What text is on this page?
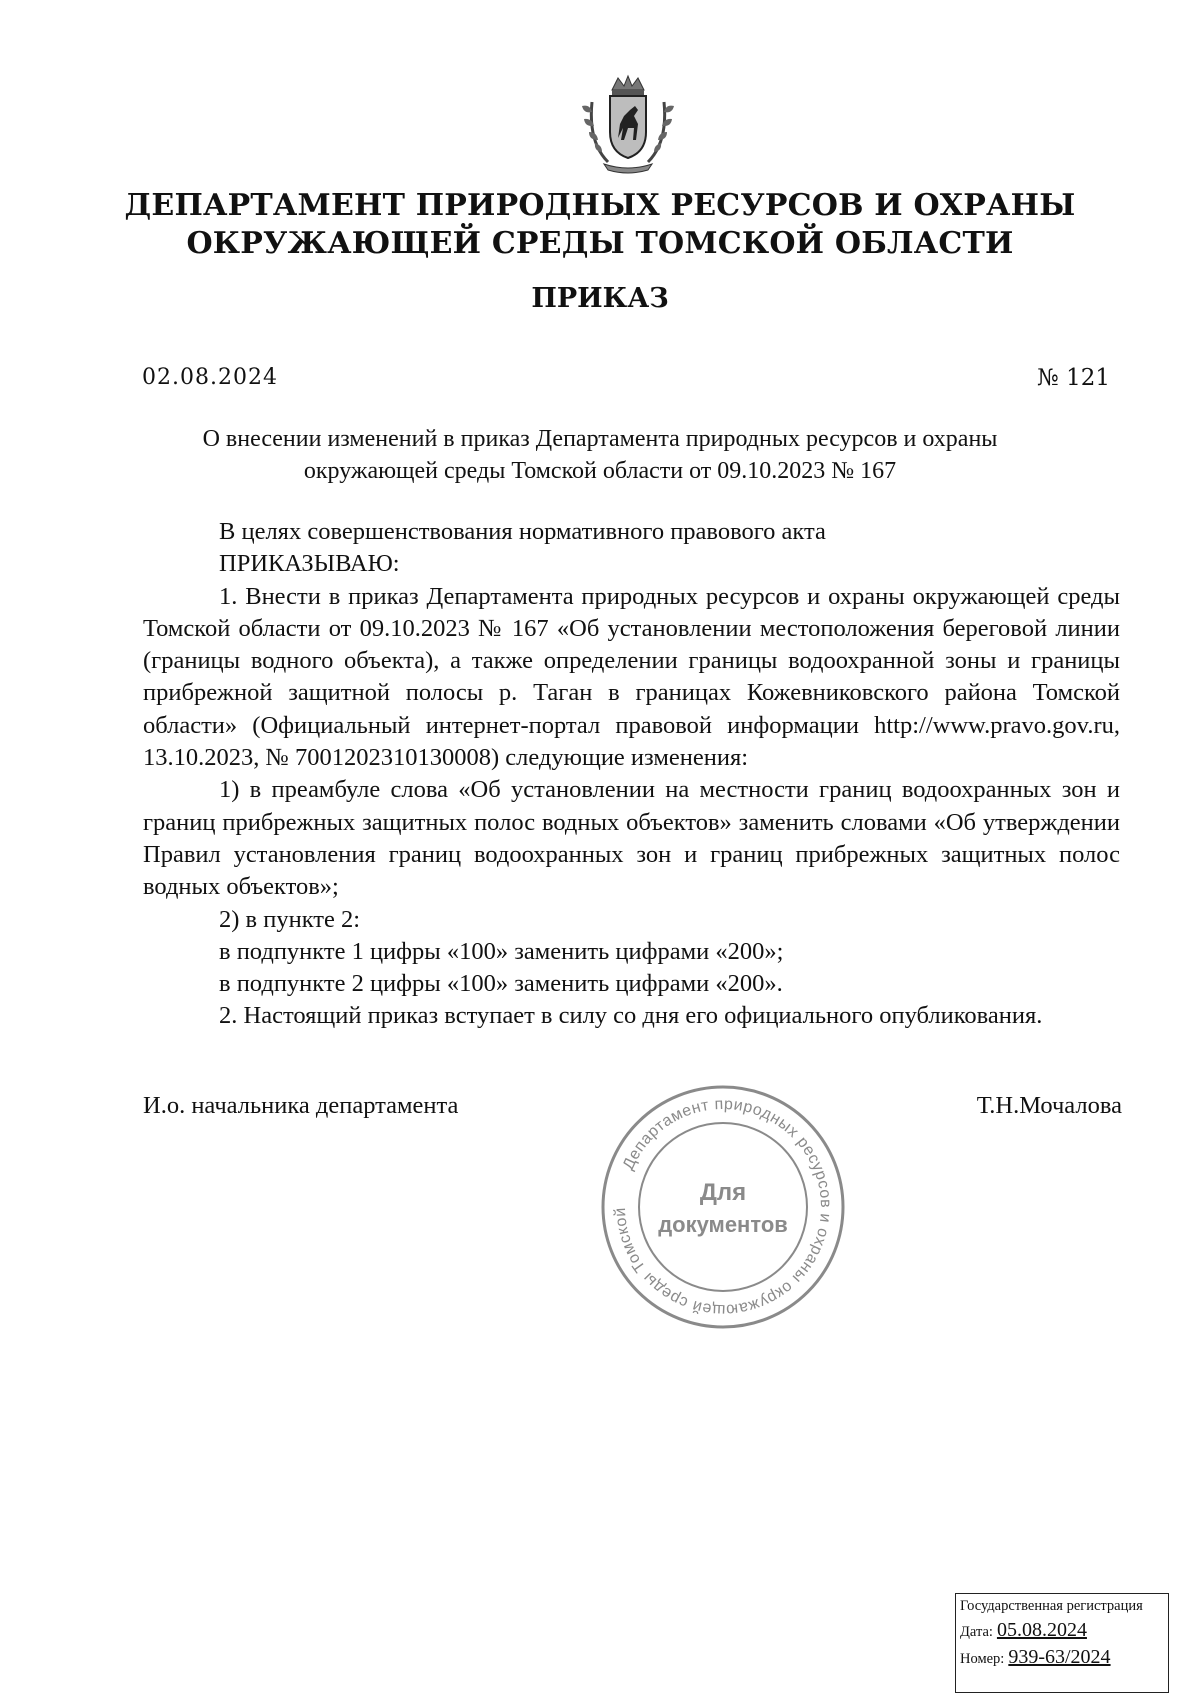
ДЕПАРТАМЕНТ ПРИРОДНЫХ РЕСУРСОВ И ОХРАНЫ
ОКРУЖАЮЩЕЙ СРЕДЫ ТОМСКОЙ ОБЛАСТИ
ПРИКАЗ
02.08.2024	№ 121
О внесении изменений в приказ Департамента природных ресурсов и охраны
окружающей среды Томской области от 09.10.2023 № 167

В целях совершенствования нормативного правового акта

ПРИКАЗЫВАЮ:

1. Внести в приказ Департамента природных ресурсов и охраны окружающей среды Томской области от 09.10.2023 № 167 «Об установлении местоположения береговой линии (границы водного объекта), а также определении границы водоохранной зоны и границы прибрежной защитной полосы р. Таган в границах Кожевниковского района Томской области» (Официальный интернет-портал правовой информации http://www.pravo.gov.ru, 13.10.2023, № 7001202310130008) следующие изменения:

1) в преамбуле слова «Об установлении на местности границ водоохранных зон и границ прибрежных защитных полос водных объектов» заменить словами «Об утверждении Правил установления границ водоохранных зон и границ прибрежных защитных полос водных объектов»;

2) в пункте 2:

в подпункте 1 цифры «100» заменить цифрами «200»;

в подпункте 2 цифры «100» заменить цифрами «200».

2. Настоящий приказ вступает в силу со дня его официального опубликования.

И.о. начальника департамента	Т.Н.Мочалова
Департамент природных ресурсов и охраны окружающей среды Томской
Для
документов
Государственная регистрация
Дата: 05.08.2024
Номер: 939-63/2024
